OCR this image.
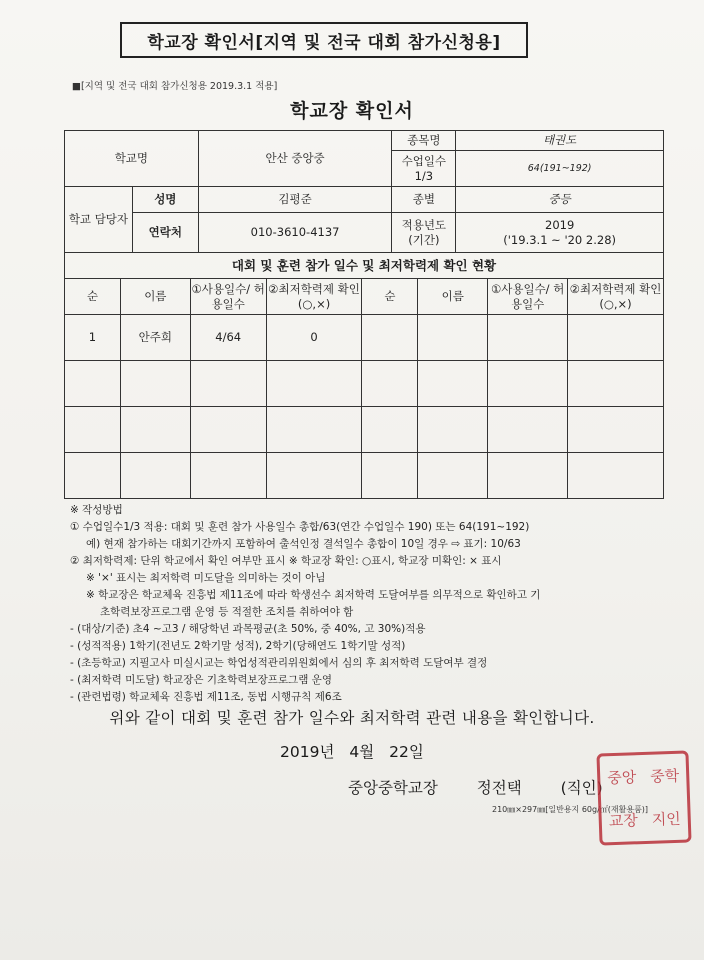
학교장 확인서[지역 및 전국 대회 참가신청용]
■[지역 및 전국 대회 참가신청용 2019.3.1 적용]
학교장 확인서
학교명		안산 중앙중	종목명	태권도
			수업일수 1/3	64(191~192)
학교 담당자	성명	김평준	종별	중등
	연락처	010-3610-4137	적용년도 (기간)	2019
('19.3.1 ~ '20 2.28)
대회 및 훈련 참가 일수 및 최저학력제 확인 현황
순	이름	①사용일수/ 허용일수	②최저학력제 확인(○,×)	순	이름	①사용일수/ 허용일수	②최저학력제 확인(○,×)
1	안주희	4/64	0				

※ 작성방법
① 수업일수1/3 적용: 대회 및 훈련 참가 사용일수 총합/63(연간 수업일수 190) 또는 64(191~192)
예) 현재 참가하는 대회기간까지 포함하여 출석인정 결석일수 총합이 10일 경우 ⇨ 표기: 10/63
② 최저학력제: 단위 학교에서 확인 여부만 표시 ※ 학교장 확인: ○표시, 학교장 미확인: × 표시
※ '×' 표시는 최저학력 미도달을 의미하는 것이 아님
※ 학교장은 학교체육 진흥법 제11조에 따라 학생선수 최저학력 도달여부를 의무적으로 확인하고 기
초학력보장프로그램 운영 등 적절한 조치를 취하여야 함
- (대상/기준) 초4 ~고3 / 해당학년 과목평균(초 50%, 중 40%, 고 30%)적용
- (성적적용) 1학기(전년도 2학기말 성적), 2학기(당해연도 1학기말 성적)
- (초등학교) 지필고사 미실시교는 학업성적관리위원회에서 심의 후 최저학력 도달여부 결정
- (최저학력 미도달) 학교장은 기초학력보장프로그램 운영
- (관련법령) 학교체육 진흥법 제11조, 동법 시행규칙 제6조
위와 같이 대회 및 훈련 참가 일수와 최저학력 관련 내용을 확인합니다.
2019년 4월 22일
중앙중학교장	정전택	(직인)
210㎜×297㎜[일반용지 60g/㎡(재활용품)]
중앙 중학
교장 지인
